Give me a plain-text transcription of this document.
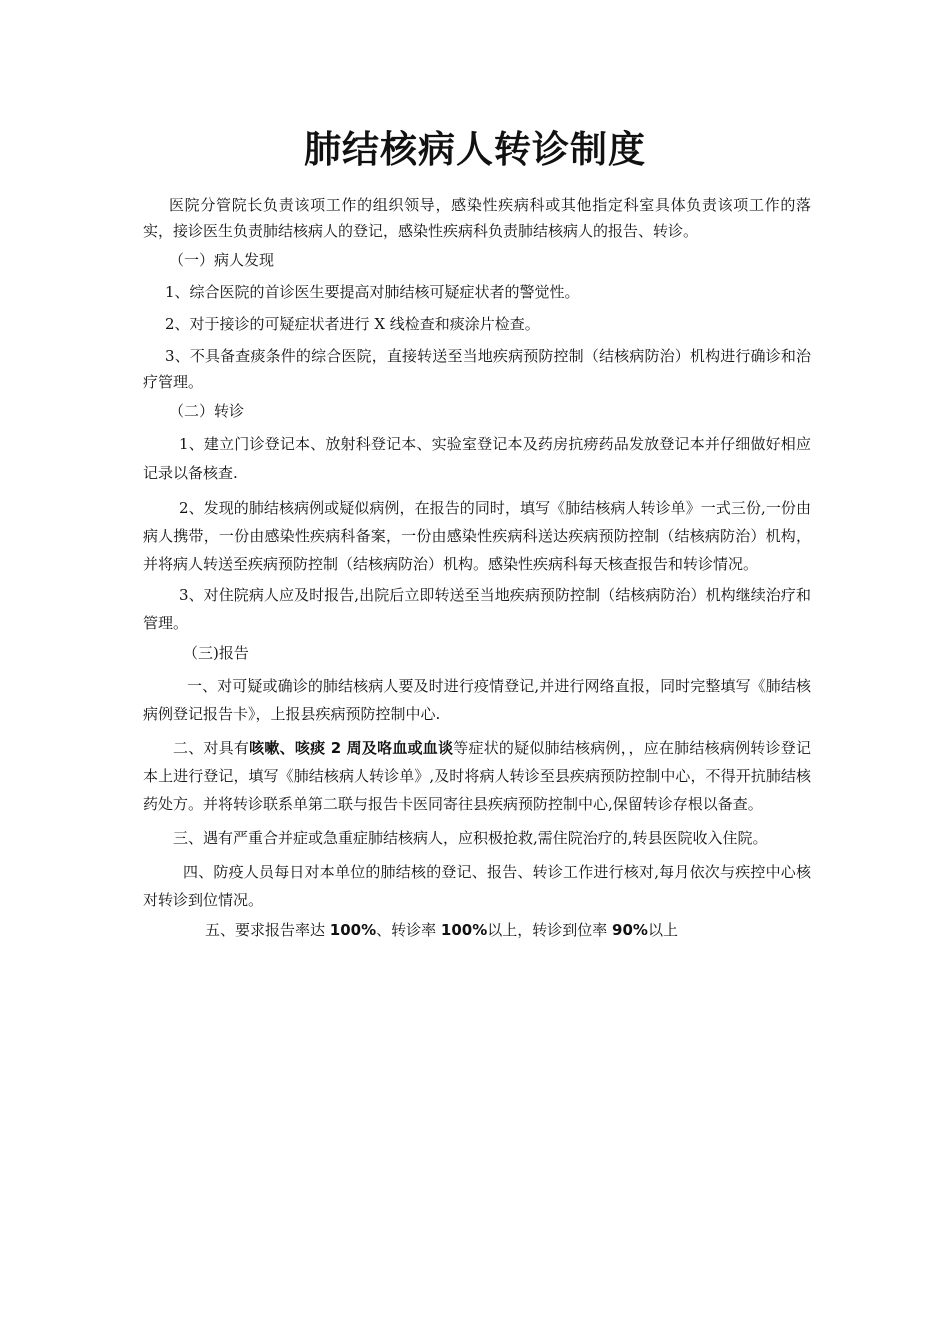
肺结核病人转诊制度

医院分管院长负责该项工作的组织领导，感染性疾病科或其他指定科室具体负责该项工作的落实，接诊医生负责肺结核病人的登记，感染性疾病科负责肺结核病人的报告、转诊。

（一）病人发现

1、综合医院的首诊医生要提高对肺结核可疑症状者的警觉性。

2、对于接诊的可疑症状者进行 X 线检查和痰涂片检查。

3、不具备查痰条件的综合医院，直接转送至当地疾病预防控制（结核病防治）机构进行确诊和治疗管理。

（二）转诊

1、建立门诊登记本、放射科登记本、实验室登记本及药房抗痨药品发放登记本并仔细做好相应记录以备核查.

2、发现的肺结核病例或疑似病例，在报告的同时，填写《肺结核病人转诊单》一式三份,一份由病人携带，一份由感染性疾病科备案，一份由感染性疾病科送达疾病预防控制（结核病防治）机构，并将病人转送至疾病预防控制（结核病防治）机构。感染性疾病科每天核查报告和转诊情况。

3、对住院病人应及时报告,出院后立即转送至当地疾病预防控制（结核病防治）机构继续治疗和管理。

（三)报告

一、对可疑或确诊的肺结核病人要及时进行疫情登记,并进行网络直报，同时完整填写《肺结核病例登记报告卡》，上报县疾病预防控制中心.

二、对具有咳嗽、咳痰 2 周及咯血或血谈等症状的疑似肺结核病例，，应在肺结核病例转诊登记本上进行登记，填写《肺结核病人转诊单》,及时将病人转诊至县疾病预防控制中心，不得开抗肺结核药处方。并将转诊联系单第二联与报告卡医同寄往县疾病预防控制中心,保留转诊存根以备查。

三、遇有严重合并症或急重症肺结核病人，应积极抢救,需住院治疗的,转县医院收入住院。

四、防疫人员每日对本单位的肺结核的登记、报告、转诊工作进行核对,每月依次与疾控中心核对转诊到位情况。

五、要求报告率达 100%、转诊率 100%以上，转诊到位率 90%以上
